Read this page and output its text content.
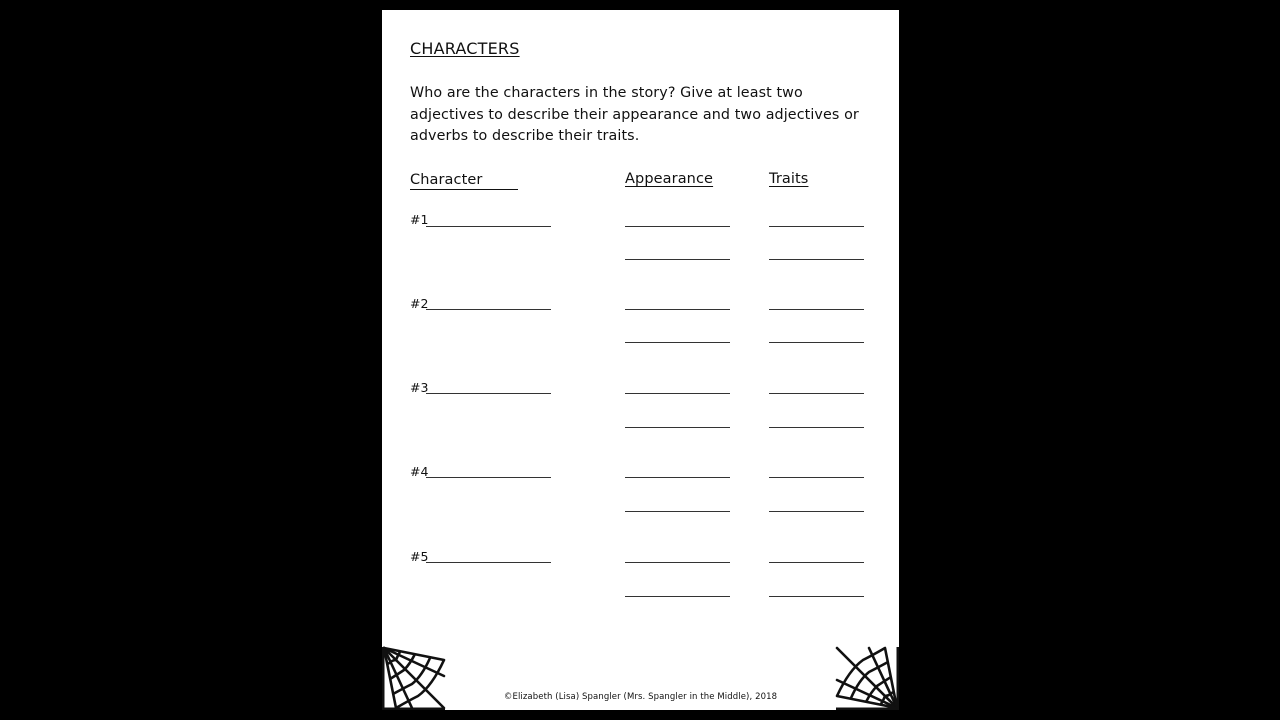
CHARACTERS
Who are the characters in the story? Give at least two adjectives to describe their appearance and two adjectives or adverbs to describe their traits.
Character	Appearance	Traits
#1
#2
#3
#4
#5
©Elizabeth (Lisa) Spangler (Mrs. Spangler in the Middle), 2018
